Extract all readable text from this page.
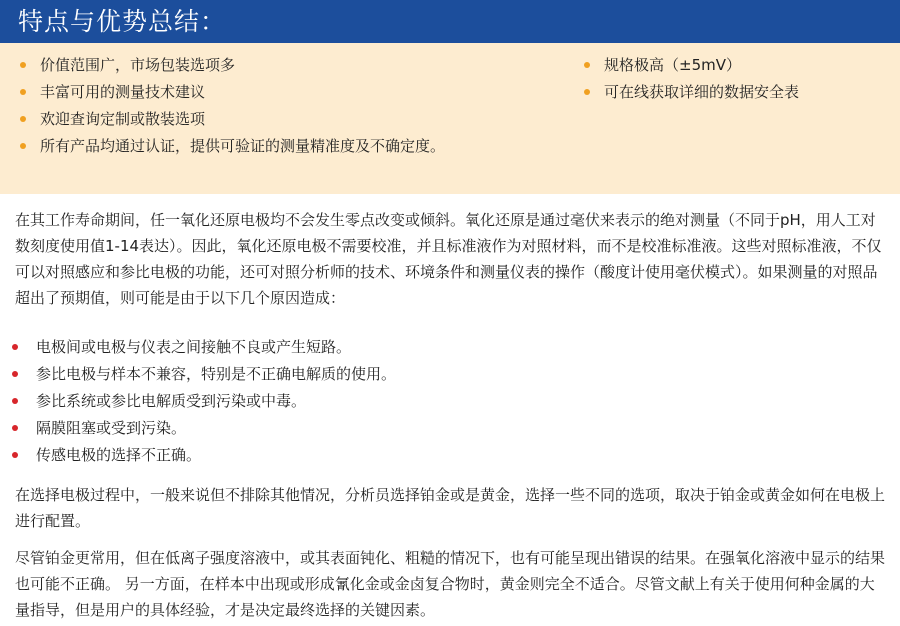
特点与优势总结：
价值范围广，市场包装选项多
丰富可用的测量技术建议
欢迎查询定制或散装选项
所有产品均通过认证，提供可验证的测量精准度及不确定度。
规格极高（±5mV）
可在线获取详细的数据安全表

在其工作寿命期间，任一氧化还原电极均不会发生零点改变或倾斜。氧化还原是通过毫伏来表示的绝对测量（不同于pH，用人工对数刻度使用值1-14表达）。因此，氧化还原电极不需要校准，并且标准液作为对照材料，而不是校准标准液。这些对照标准液，不仅可以对照感应和参比电极的功能，还可对照分析师的技术、环境条件和测量仪表的操作（酸度计使用毫伏模式）。如果测量的对照品超出了预期值，则可能是由于以下几个原因造成：

电极间或电极与仪表之间接触不良或产生短路。
参比电极与样本不兼容，特别是不正确电解质的使用。
参比系统或参比电解质受到污染或中毒。
隔膜阻塞或受到污染。
传感电极的选择不正确。

在选择电极过程中，一般来说但不排除其他情况，分析员选择铂金或是黄金，选择一些不同的选项，取决于铂金或黄金如何在电极上进行配置。

尽管铂金更常用，但在低离子强度溶液中，或其表面钝化、粗糙的情况下，也有可能呈现出错误的结果。在强氧化溶液中显示的结果也可能不正确。 另一方面，在样本中出现或形成氰化金或金卤复合物时，黄金则完全不适合。尽管文献上有关于使用何种金属的大量指导，但是用户的具体经验，才是决定最终选择的关键因素。
